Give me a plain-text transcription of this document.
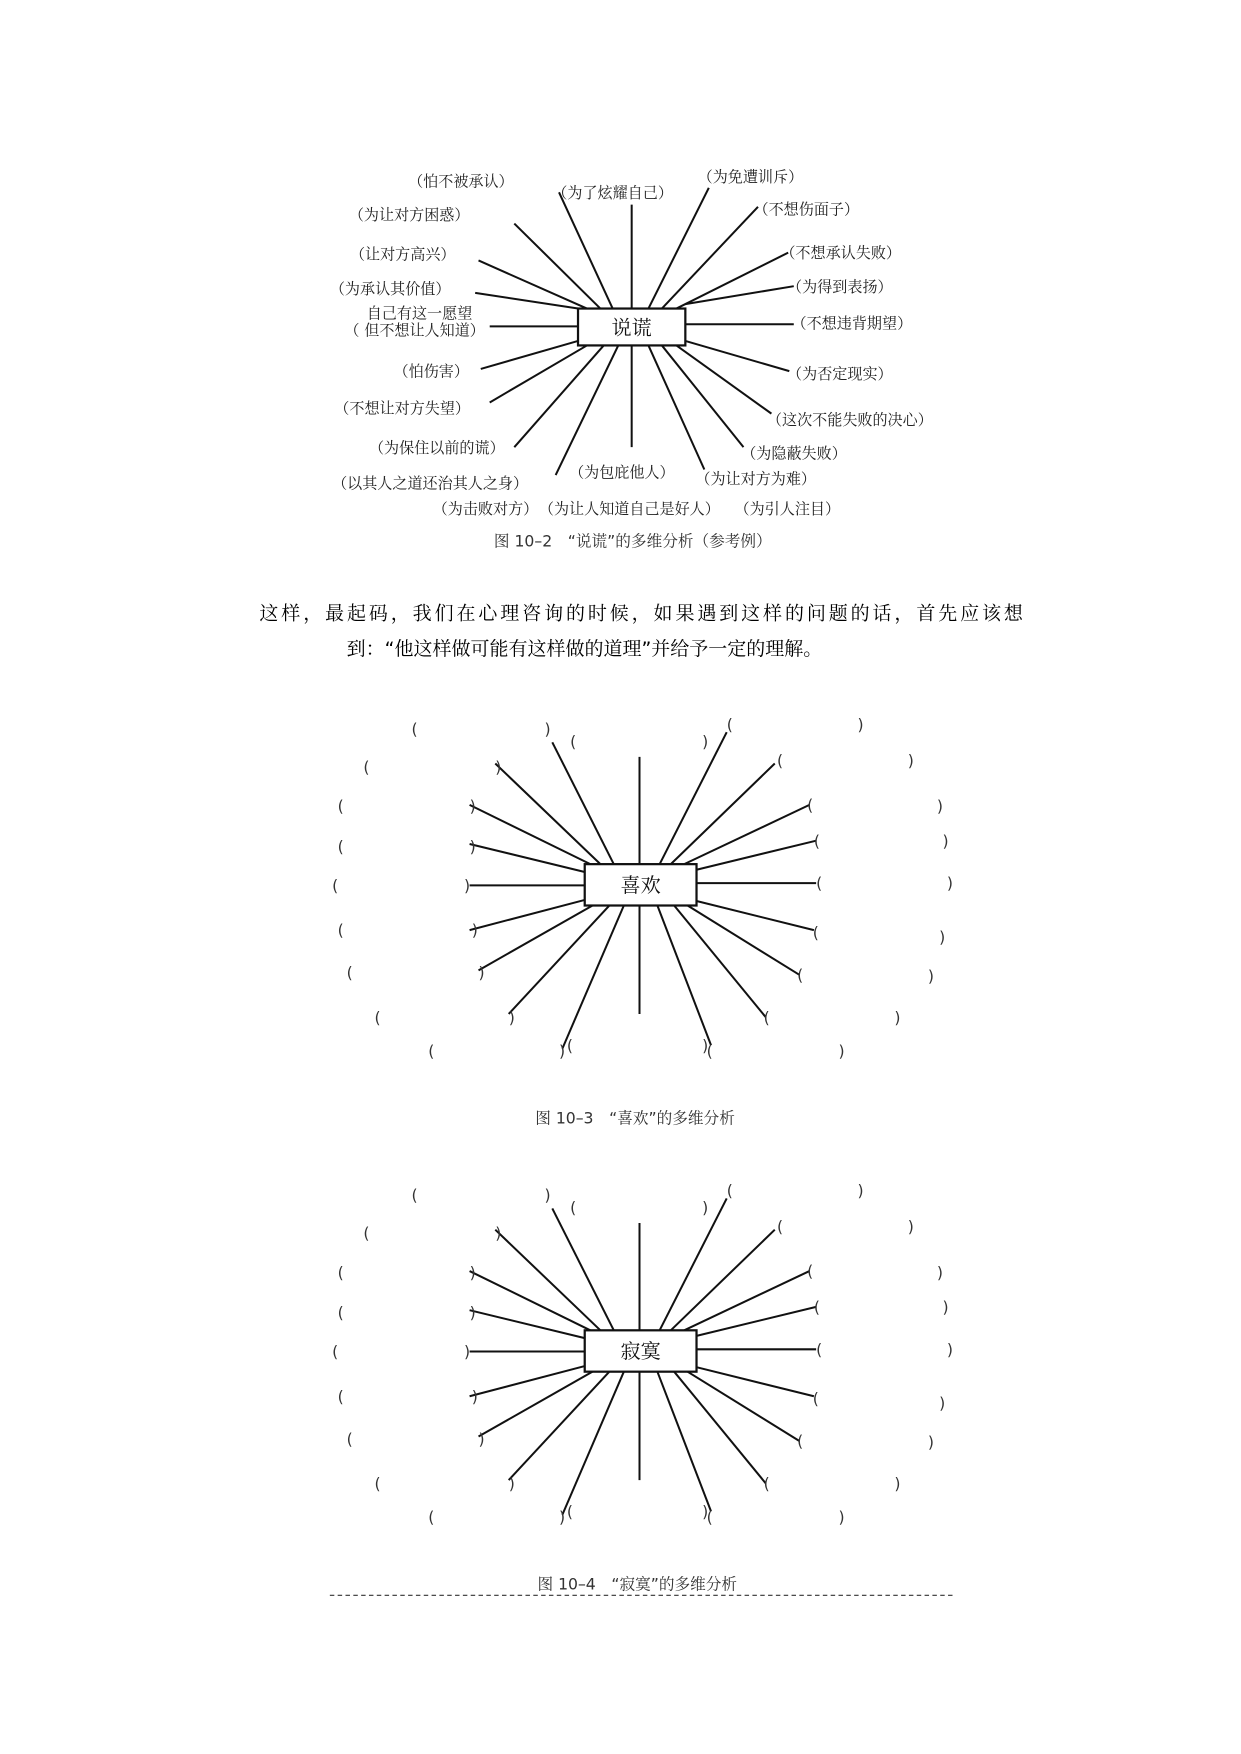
说谎
（怕不被承认）
（为了炫耀自己）
（为免遭训斥）
（不想伤面子）
（为让对方困惑）
（让对方高兴）
（为承认其价值）
自己有这一愿望
（ 但不想让人知道）
（怕伤害）
（不想让对方失望）
（为保住以前的谎）
（以其人之道还治其人之身）
（为击败对方） （为让人知道自己是好人） （为引人注目）
（为包庇他人）
（不想承认失败）
（为得到表扬）
（不想违背期望）
（为否定现实）
（这次不能失败的决心）
（为隐蔽失败）
（为让对方为难）
图 10–2　“说谎”的多维分析（参考例）
这样，最起码，我们在心理咨询的时候，如果遇到这样的问题的话，首先应该想
到：“他这样做可能有这样做的道理”并给予一定的理解。
(
(
(
(
(
(
(
(
(
(	(	(
(
(
(
(
(
(
(
(
)
)
)
)
)
)
)
)
)
)	)
)
)
)
)
)
)
)
)
)
喜欢
图 10–3　“喜欢”的多维分析
(
(
(
(
(
(
(
(
(
(	(	(
(
(
(
(
(
(
(
(
)
)
)
)
)
)
)
)
)
)	)
)
)
)
)
)
)
)
)
)
寂寞
图 10–4　“寂寞”的多维分析
